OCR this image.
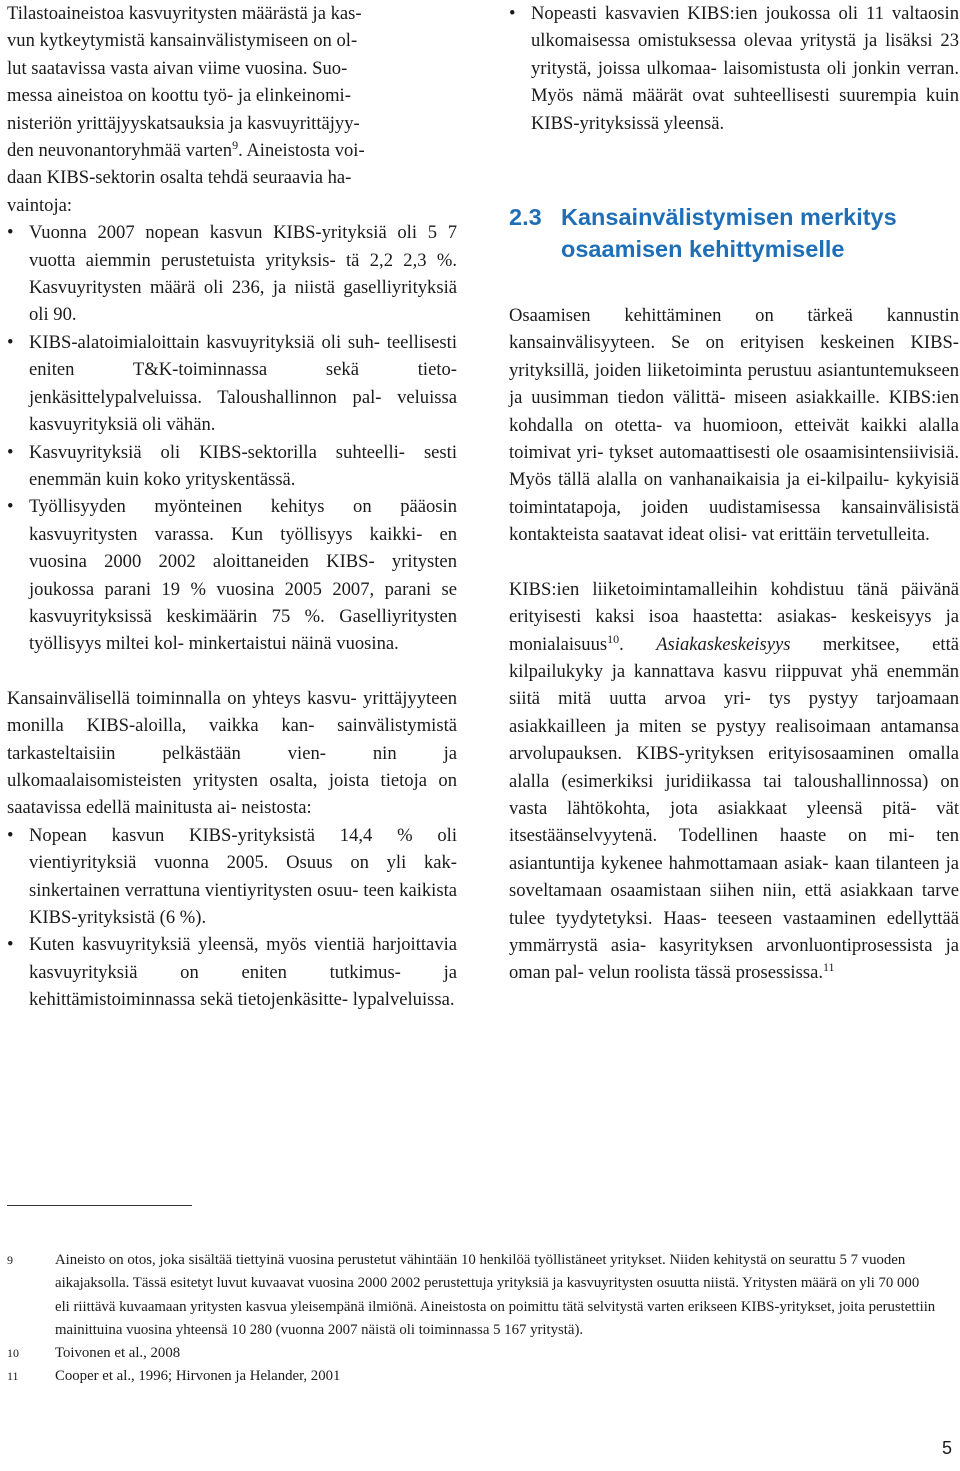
Tilastoaineistoa kasvuyritysten määrästä ja kas-
vun kytkeytymistä kansainvälistymiseen on ol-
lut saatavissa vasta aivan viime vuosina. Suo-
messa aineistoa on koottu työ- ja elinkeinomi-
nisteriön yrittäjyyskatsauksia ja kasvuyrittäjyy-
den neuvonantoryhmää varten$^9$. Aineistosta voi-
daan KIBS-sektorin osalta tehdä seuraavia ha-
vaintoja:

• Vuonna 2007 nopean kasvun KIBS-yrityksiä oli 5 7 vuotta aiemmin perustetuista yrityksis- tä 2,2 2,3 %. Kasvuyritysten määrä oli 236, ja niistä gaselliyrityksiä oli 90.
• KIBS-alatoimialoittain kasvuyrityksiä oli suh- teellisesti eniten T&K-toiminnassa sekä tieto- jenkäsittelypalveluissa. Taloushallinnon pal- veluissa kasvuyrityksiä oli vähän.
• Kasvuyrityksiä oli KIBS-sektorilla suhteelli- sesti enemmän kuin koko yrityskentässä.
• Työllisyyden myönteinen kehitys on pääosin kasvuyritysten varassa. Kun työllisyys kaikki- en vuosina 2000 2002 aloittaneiden KIBS- yritysten joukossa parani 19 % vuosina 2005 2007, parani se kasvuyrityksissä keskimäärin 75 %. Gaselliyritysten työllisyys miltei kol- minkertaistui näinä vuosina.

Kansainvälisellä toiminnalla on yhteys kasvu- yrittäjyyteen monilla KIBS-aloilla, vaikka kan- sainvälistymistä tarkasteltaisiin pelkästään vien- nin ja ulkomaalaisomisteisten yritysten osalta, joista tietoja on saatavissa edellä mainitusta ai- neistosta:

• Nopean kasvun KIBS-yrityksistä 14,4 % oli vientiyrityksiä vuonna 2005. Osuus on yli kak- sinkertainen verrattuna vientiyritysten osuu- teen kaikista KIBS-yrityksistä (6 %).
• Kuten kasvuyrityksiä yleensä, myös vientiä harjoittavia kasvuyrityksiä on eniten tutkimus- ja kehittämistoiminnassa sekä tietojenkäsitte- lypalveluissa.
• Nopeasti kasvavien KIBS:ien joukossa oli 11 valtaosin ulkomaisessa omistuksessa olevaa yritystä ja lisäksi 23 yritystä, joissa ulkomaa- laisomistusta oli jonkin verran. Myös nämä määrät ovat suhteellisesti suurempia kuin KIBS-yrityksissä yleensä.
2.3 Kansainvälistymisen merkitys
osaamisen kehittymiselle

Osaamisen kehittäminen on tärkeä kannustin kansainvälisyyteen. Se on erityisen keskeinen KIBS-yrityksillä, joiden liiketoiminta perustuu asiantuntemukseen ja uusimman tiedon välittä- miseen asiakkaille. KIBS:ien kohdalla on otetta- va huomioon, etteivät kaikki alalla toimivat yri- tykset automaattisesti ole osaamisintensiivisiä. Myös tällä alalla on vanhanaikaisia ja ei-kilpailu- kykyisiä toimintatapoja, joiden uudistamisessa kansainvälisistä kontakteista saatavat ideat olisi- vat erittäin tervetulleita.

KIBS:ien liiketoimintamalleihin kohdistuu tänä päivänä erityisesti kaksi isoa haastetta: asiakas- keskeisyys ja monialaisuus$^{10}$. Asiakaskeskeisyys merkitsee, että kilpailukyky ja kannattava kasvu riippuvat yhä enemmän siitä mitä uutta arvoa yri- tys pystyy tarjoamaan asiakkailleen ja miten se pystyy realisoimaan antamansa arvolupauksen. KIBS-yrityksen erityisosaaminen omalla alalla (esimerkiksi juridiikassa tai taloushallinnossa) on vasta lähtökohta, jota asiakkaat yleensä pitä- vät itsestäänselvyytenä. Todellinen haaste on mi- ten asiantuntija kykenee hahmottamaan asiak- kaan tilanteen ja soveltamaan osaamistaan siihen niin, että asiakkaan tarve tulee tyydytetyksi. Haas- teeseen vastaaminen edellyttää ymmärrystä asia- kasyrityksen arvonluontiprosessista ja oman pal- velun roolista tässä prosessissa.$^{11}$

9	Aineisto on otos, joka sisältää tiettyinä vuosina perustetut vähintään 10 henkilöä työllistäneet yritykset. Niiden kehitystä on seurattu 5 7 vuoden aikajaksolla. Tässä esitetyt luvut kuvaavat vuosina 2000 2002 perustettuja yrityksiä ja kasvuyritysten osuutta niistä. Yritysten määrä on yli 70 000 eli riittävä kuvaamaan yritysten kasvua yleisempänä ilmiönä. Aineistosta on poimittu tätä selvitystä varten erikseen KIBS-yritykset, joita perustettiin mainittuina vuosina yhteensä 10 280 (vuonna 2007 näistä oli toiminnassa 5 167 yritystä).
10	Toivonen et al., 2008
11	Cooper et al., 1996; Hirvonen ja Helander, 2001
5
